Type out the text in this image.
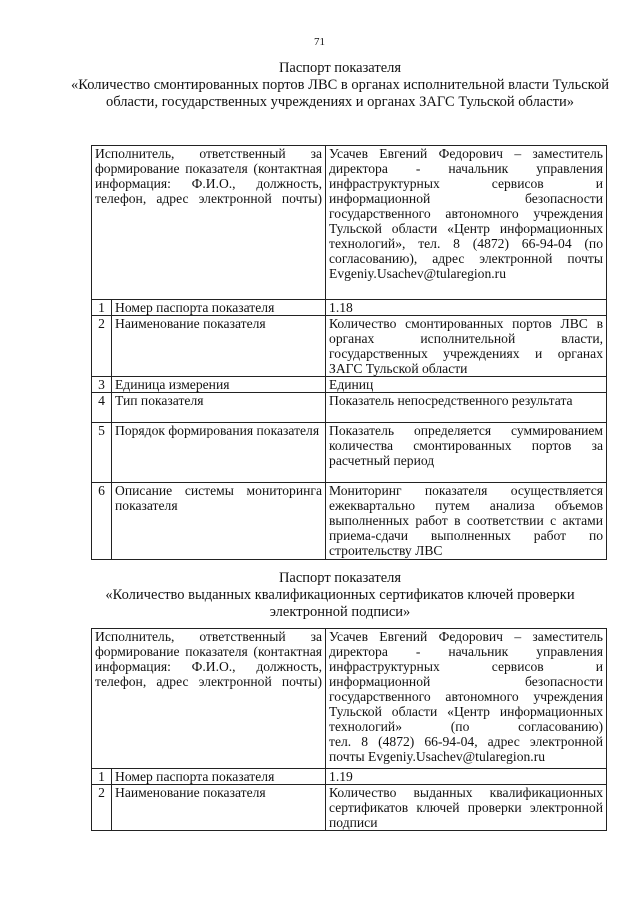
71
Паспорт показателя
«Количество смонтированных портов ЛВС в органах исполнительной власти Тульской области, государственных учреждениях и органах ЗАГС Тульской области»
Исполнитель, ответственный за формирование показателя (контактная информация: Ф.И.О., должность, телефон, адрес электронной почты)		Усачев Евгений Федорович – заместитель директора - начальник управления инфраструктурных сервисов и информационной безопасности государственного автономного учреждения Тульской области «Центр информационных технологий», тел. 8 (4872) 66-94-04 (по согласованию), адрес электронной почты
Evgeniy.Usachev@tularegion.ru

1	Номер паспорта показателя	1.18
2	Наименование показателя	Количество смонтированных портов ЛВС в органах исполнительной власти, государственных учреждениях и органах ЗАГС Тульской области
3	Единица измерения	Единиц
4	Тип показателя	Показатель непосредственного результата
5	Порядок формирования показателя	Показатель определяется суммированием количества смонтированных портов за расчетный период
6	Описание системы мониторинга показателя	Мониторинг показателя осуществляется ежеквартально путем анализа объемов выполненных работ в соответствии с актами приема-сдачи выполненных работ по строительству ЛВС
Паспорт показателя
«Количество выданных квалификационных сертификатов ключей проверки электронной подписи»
Исполнитель, ответственный за формирование показателя (контактная информация: Ф.И.О., должность, телефон, адрес электронной почты)		Усачев Евгений Федорович – заместитель директора - начальник управления инфраструктурных сервисов и информационной безопасности государственного автономного учреждения Тульской области «Центр информационных технологий» (по согласованию)
тел. 8 (4872) 66-94-04, адрес электронной почты Evgeniy.Usachev@tularegion.ru

1	Номер паспорта показателя	1.19
2	Наименование показателя	Количество выданных квалификационных сертификатов ключей проверки электронной подписи
